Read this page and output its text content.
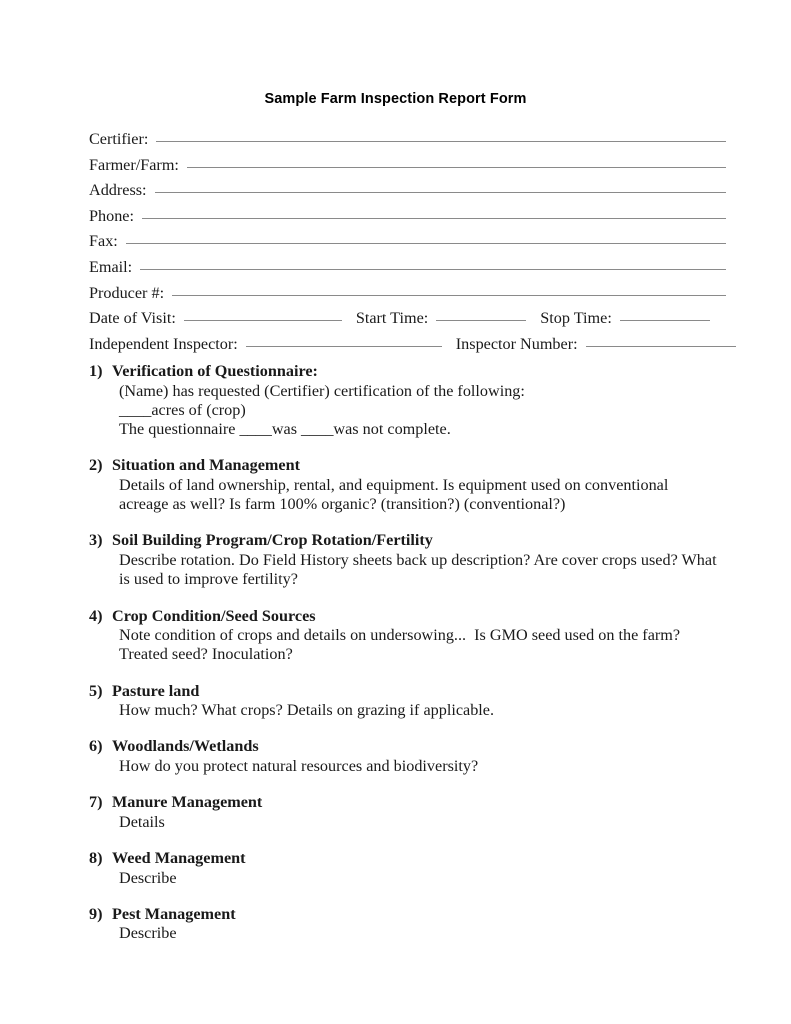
Sample Farm Inspection Report Form
Certifier:
Farmer/Farm:
Address:
Phone:
Fax:
Email:
Producer #:
Date of Visit:	Start Time:	Stop Time:
Independent Inspector:	Inspector Number:
1) Verification of Questionnaire:
(Name) has requested (Certifier) certification of the following:
____acres of (crop)
The questionnaire ____was ____was not complete.
2) Situation and Management
Details of land ownership, rental, and equipment. Is equipment used on conventional acreage as well? Is farm 100% organic? (transition?) (conventional?)
3) Soil Building Program/Crop Rotation/Fertility
Describe rotation. Do Field History sheets back up description? Are cover crops used? What is used to improve fertility?
4) Crop Condition/Seed Sources
Note condition of crops and details on undersowing...  Is GMO seed used on the farm? Treated seed? Inoculation?
5) Pasture land
How much? What crops? Details on grazing if applicable.
6) Woodlands/Wetlands
How do you protect natural resources and biodiversity?
7) Manure Management
Details
8) Weed Management
Describe
9) Pest Management
Describe
